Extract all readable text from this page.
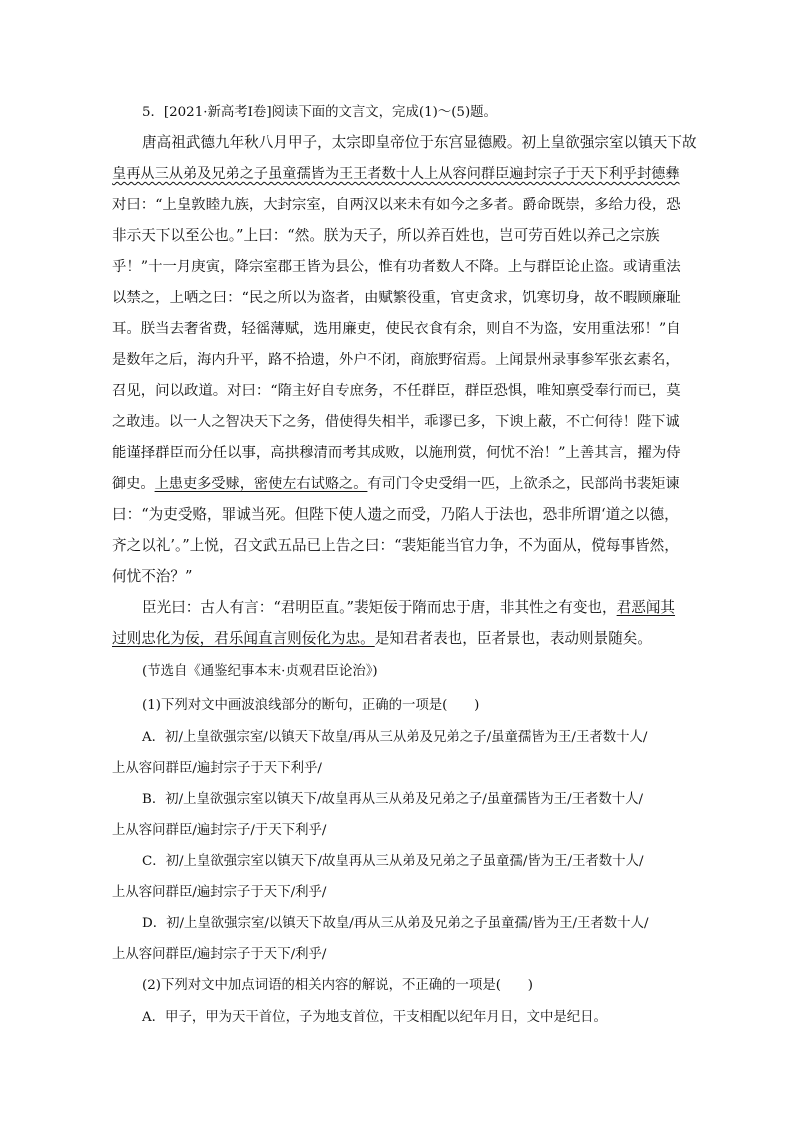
5．[2021·新高考Ⅰ卷]阅读下面的文言文，完成(1)～(5)题。
唐高祖武德九年秋八月甲子，太宗即皇帝位于东宫显德殿。初上皇欲强宗室以镇天下故
皇再从三从弟及兄弟之子虽童孺皆为王王者数十人上从容问群臣遍封宗子于天下利乎封德彝
对曰：“上皇敦睦九族，大封宗室，自两汉以来未有如今之多者。爵命既崇，多给力役，恐
非示天下以至公也。”上曰：“然。朕为天子，所以养百姓也，岂可劳百姓以养己之宗族
乎！”十一月庚寅，降宗室郡王皆为县公，惟有功者数人不降。上与群臣论止盗。或请重法
以禁之，上哂之曰：“民之所以为盗者，由赋繁役重，官吏贪求，饥寒切身，故不暇顾廉耻
耳。朕当去奢省费，轻徭薄赋，选用廉吏，使民衣食有余，则自不为盗，安用重法邪！”自
是数年之后，海内升平，路不拾遗，外户不闭，商旅野宿焉。上闻景州录事参军张玄素名，
召见，问以政道。对曰：“隋主好自专庶务，不任群臣，群臣恐惧，唯知禀受奉行而已，莫
之敢违。以一人之智决天下之务，借使得失相半，乖谬已多，下谀上蔽，不亡何待！陛下诚
能谨择群臣而分任以事，高拱穆清而考其成败，以施刑赏，何忧不治！”上善其言，擢为侍
御史。上患吏多受赇，密使左右试赂之。有司门令史受绢一匹，上欲杀之，民部尚书裴矩谏
曰：“为吏受赂，罪诚当死。但陛下使人遗之而受，乃陷人于法也，恐非所谓‘道之以德，
齐之以礼’。”上悦，召文武五品已上告之曰：“裴矩能当官力争，不为面从，傥每事皆然，
何忧不治？”
臣光曰：古人有言：“君明臣直。”裴矩佞于隋而忠于唐，非其性之有变也，君恶闻其
过则忠化为佞，君乐闻直言则佞化为忠。是知君者表也，臣者景也，表动则景随矣。
(节选自《通鉴纪事本末·贞观君臣论治》)
(1)下列对文中画波浪线部分的断句，正确的一项是(　　)
A．初/上皇欲强宗室/以镇天下故皇/再从三从弟及兄弟之子/虽童孺皆为王/王者数十人/
上从容问群臣/遍封宗子于天下利乎/
B．初/上皇欲强宗室以镇天下/故皇再从三从弟及兄弟之子/虽童孺皆为王/王者数十人/
上从容问群臣/遍封宗子/于天下利乎/
C．初/上皇欲强宗室以镇天下/故皇再从三从弟及兄弟之子虽童孺/皆为王/王者数十人/
上从容问群臣/遍封宗子于天下/利乎/
D．初/上皇欲强宗室/以镇天下故皇/再从三从弟及兄弟之子虽童孺/皆为王/王者数十人/
上从容问群臣/遍封宗子于天下/利乎/
(2)下列对文中加点词语的相关内容的解说，不正确的一项是(　　)
A．甲子，甲为天干首位，子为地支首位，干支相配以纪年月日，文中是纪日。
